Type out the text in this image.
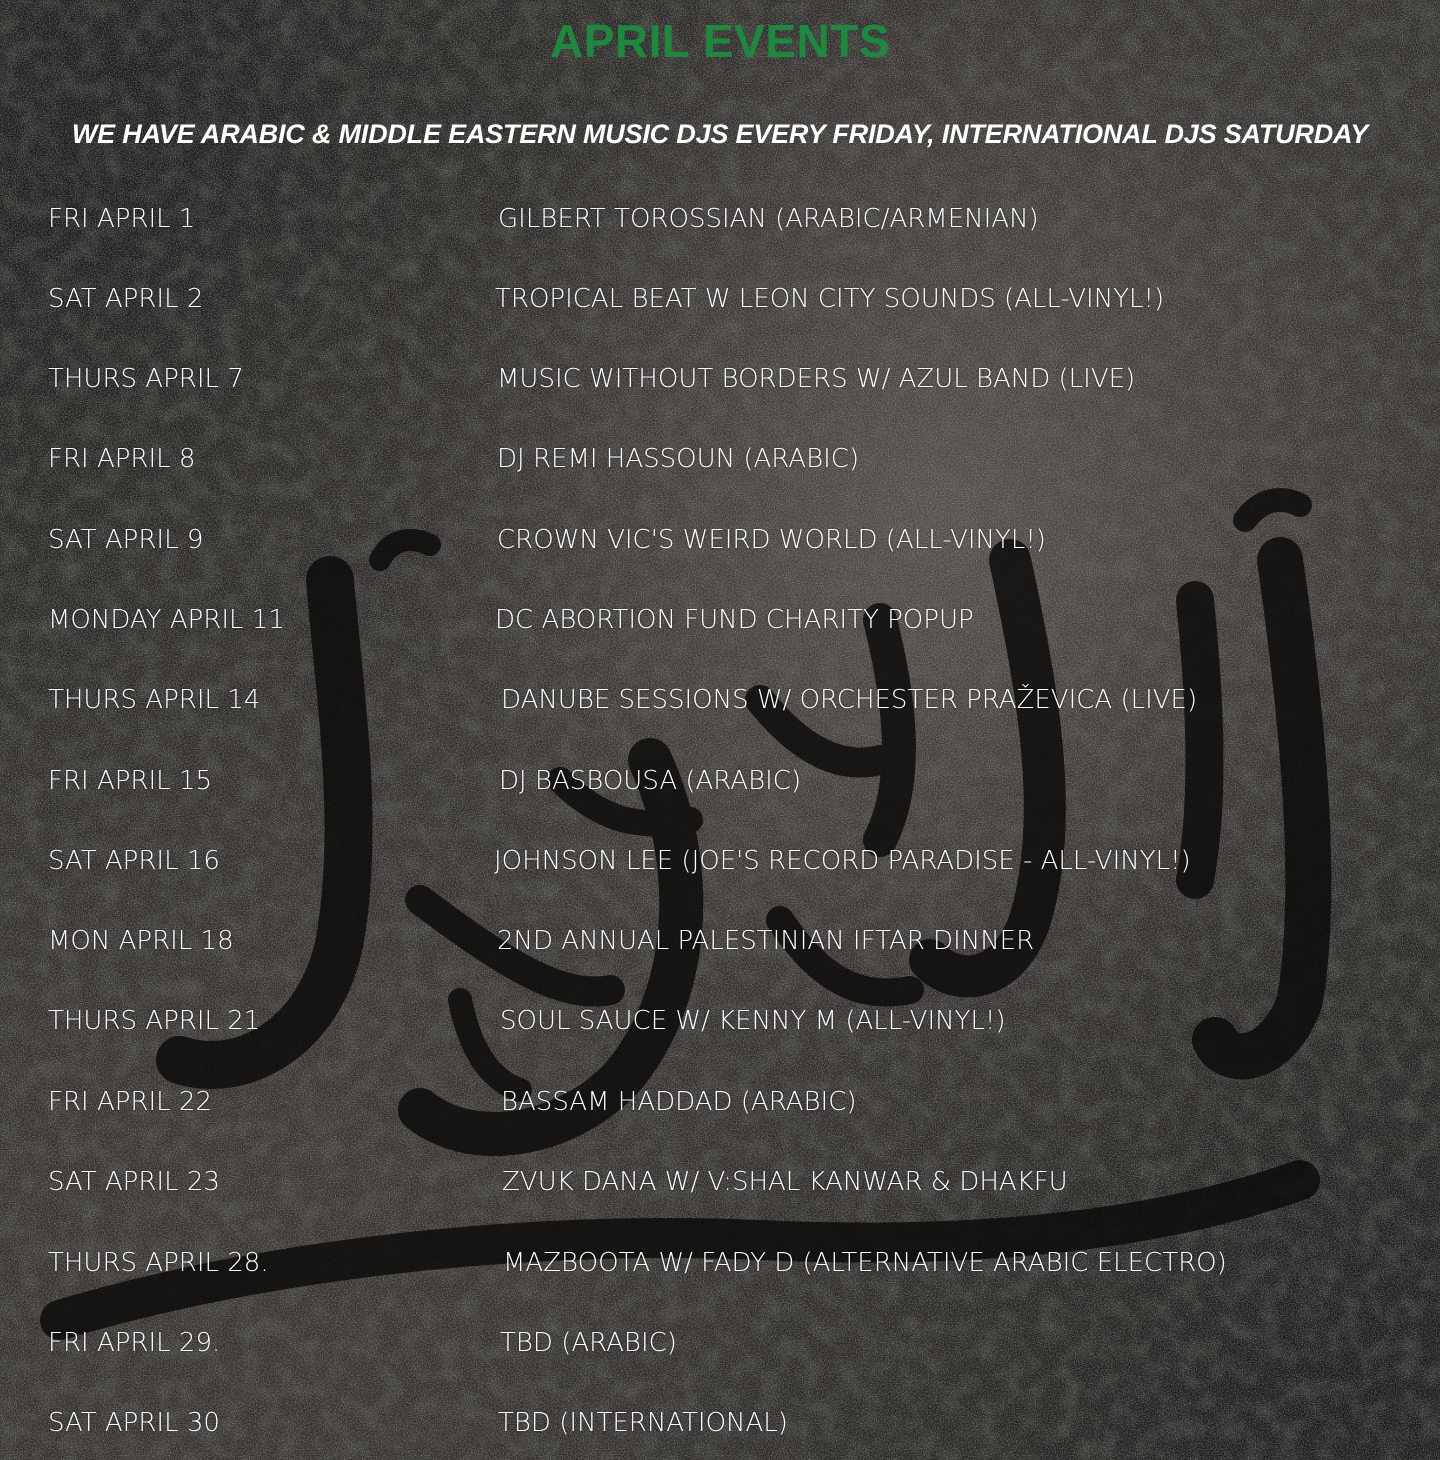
APRIL EVENTS
WE HAVE ARABIC & MIDDLE EASTERN MUSIC DJS EVERY FRIDAY, INTERNATIONAL DJS SATURDAY
FRI APRIL 1	GILBERT TOROSSIAN (ARABIC/ARMENIAN)
SAT APRIL 2	TROPICAL BEAT W LEON CITY SOUNDS (ALL-VINYL!)
THURS APRIL 7	MUSIC WITHOUT BORDERS W/ AZUL BAND (LIVE)
FRI APRIL 8	DJ REMI HASSOUN (ARABIC)
SAT APRIL 9	CROWN VIC'S WEIRD WORLD (ALL-VINYL!)
MONDAY APRIL 11	DC ABORTION FUND CHARITY POPUP
THURS APRIL 14	DANUBE SESSIONS W/ ORCHESTER PRAŽEVICA (LIVE)
FRI APRIL 15	DJ BASBOUSA (ARABIC)
SAT APRIL 16	JOHNSON LEE (JOE'S RECORD PARADISE - ALL-VINYL!)
MON APRIL 18	2ND ANNUAL PALESTINIAN IFTAR DINNER
THURS APRIL 21	SOUL SAUCE W/ KENNY M (ALL-VINYL!)
FRI APRIL 22	BASSAM HADDAD (ARABIC)
SAT APRIL 23	ZVUK DANA W/ V:SHAL KANWAR & DHAKFU
THURS APRIL 28.	MAZBOOTA W/ FADY D (ALTERNATIVE ARABIC ELECTRO)
FRI APRIL 29.	TBD (ARABIC)
SAT APRIL 30	TBD (INTERNATIONAL)
